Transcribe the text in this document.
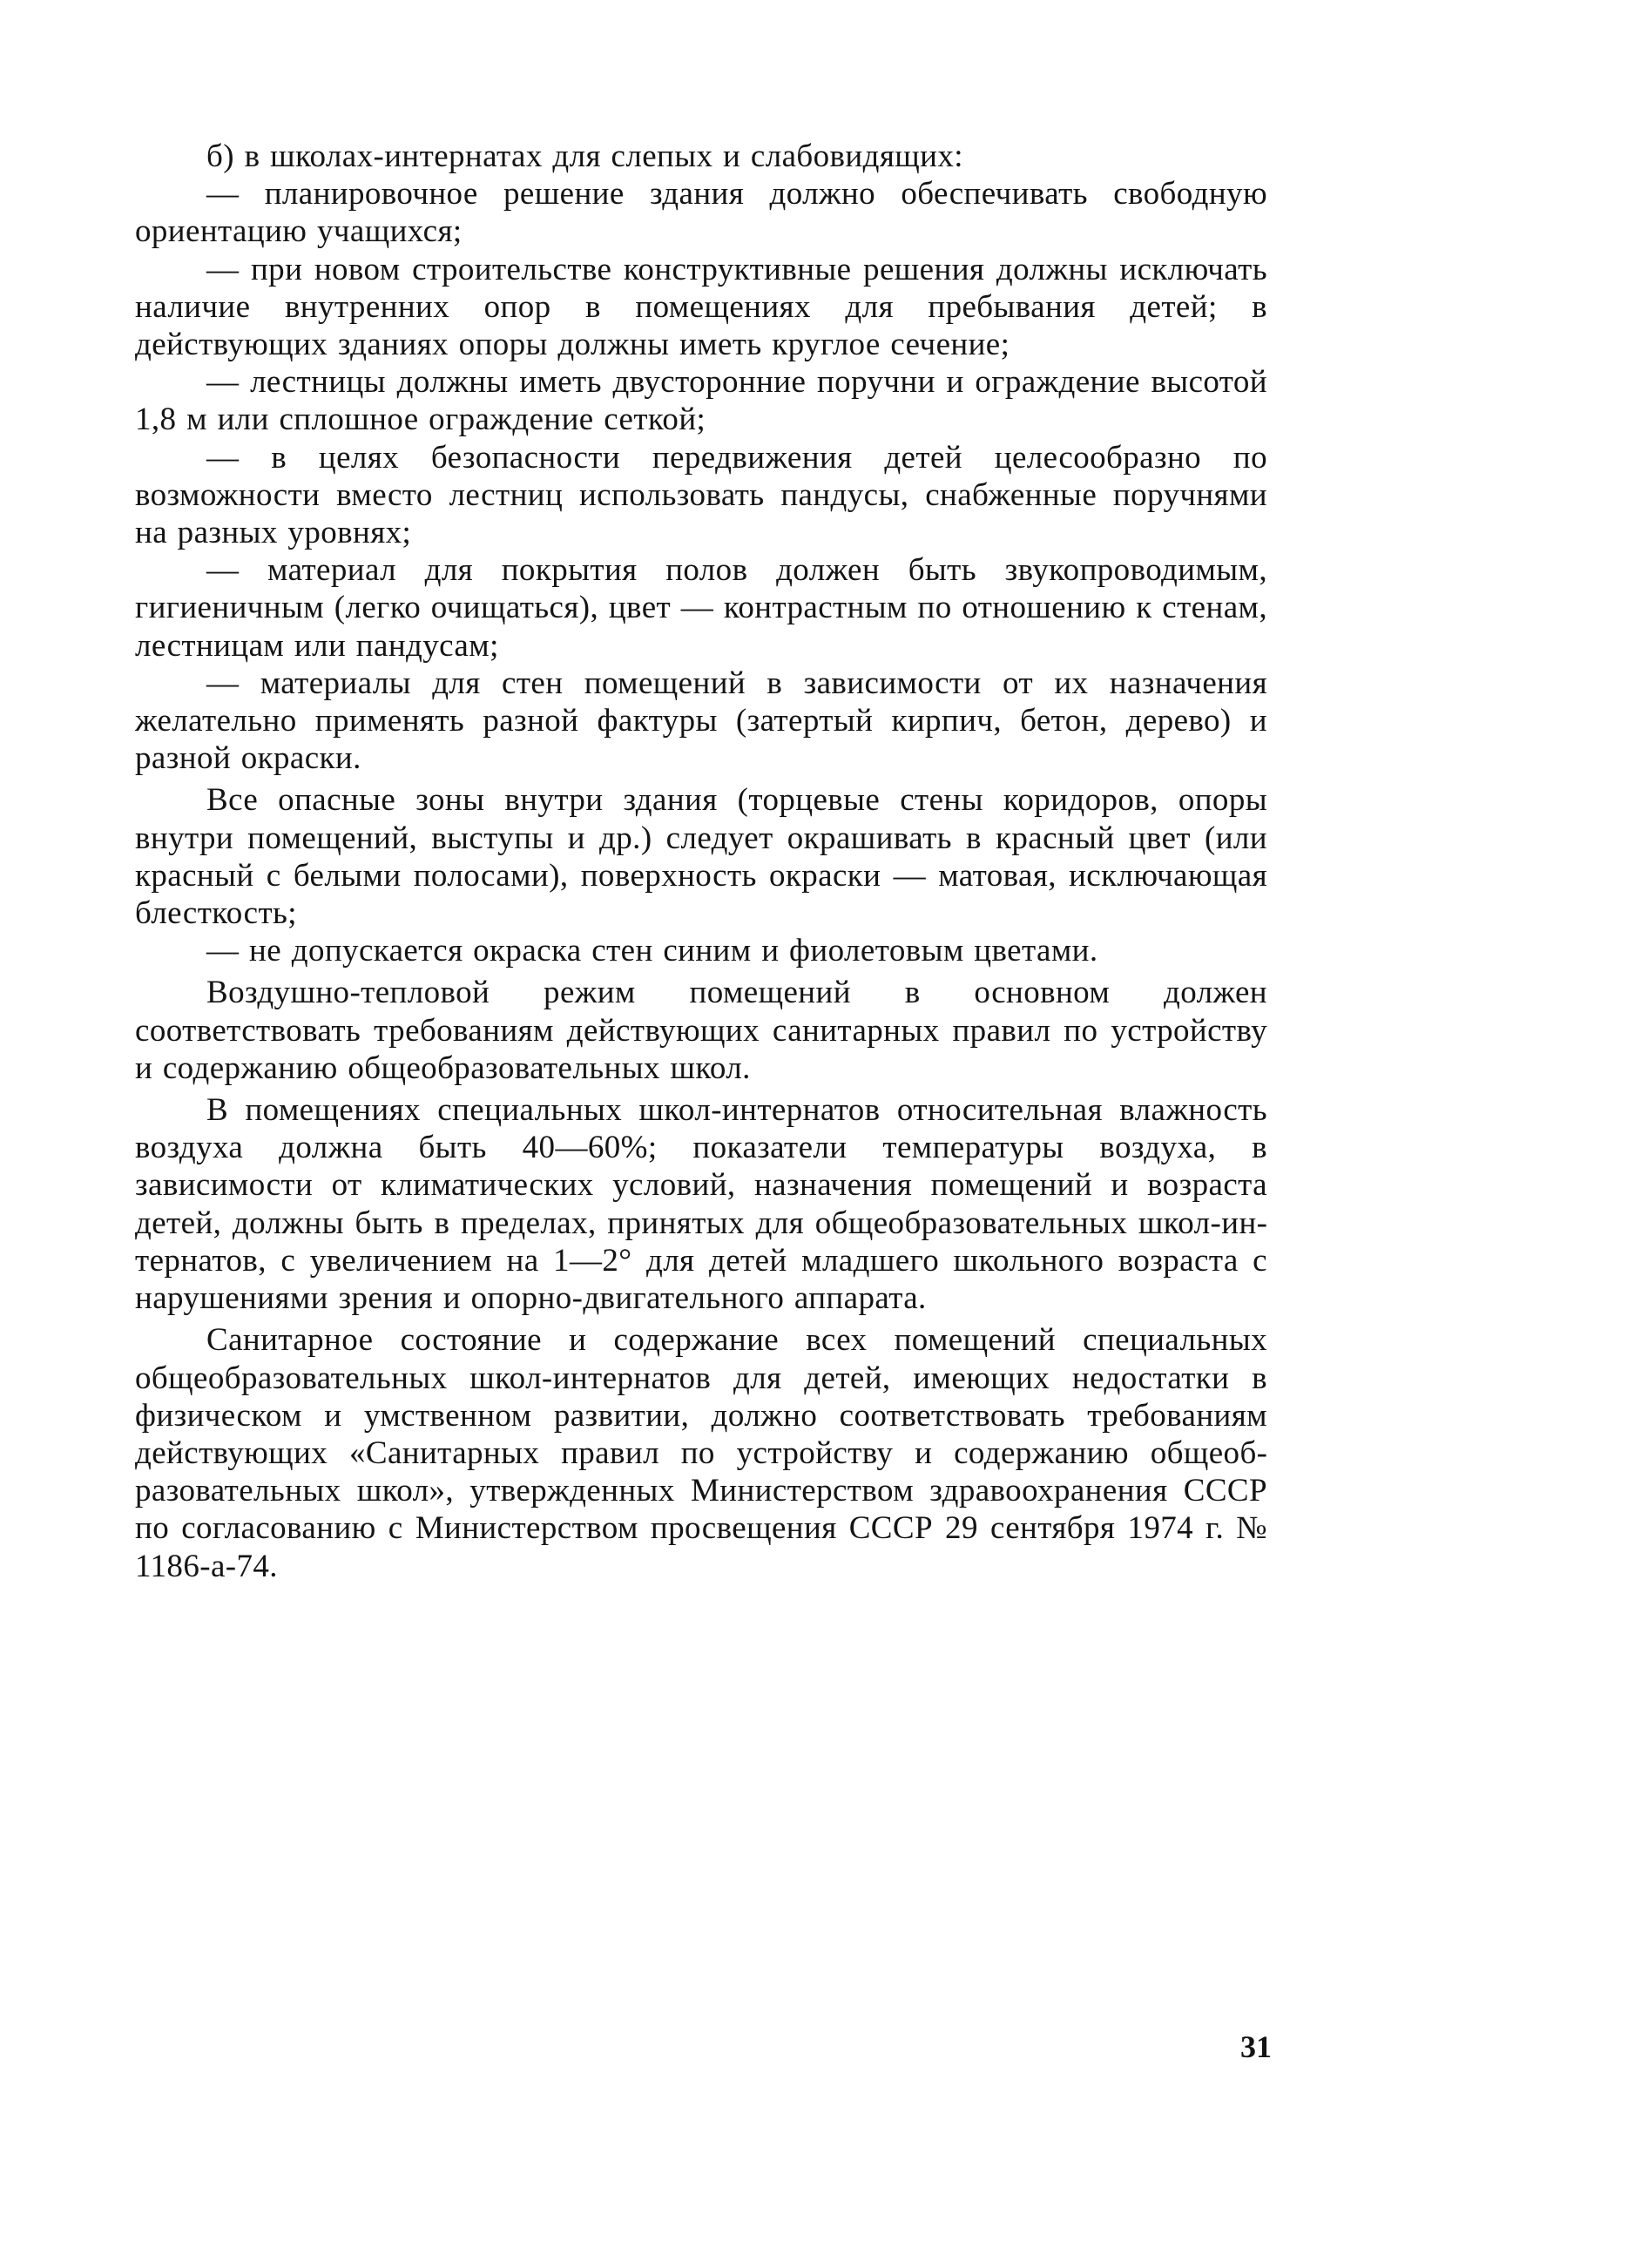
б) в школах-интернатах для слепых и слабовидящих:

— планировочное решение здания должно обеспечивать свободную ориентацию учащихся;

— при новом строительстве конструктивные решения должны исключать наличие внутренних опор в помещениях для пребывания детей; в действующих зданиях опоры должны иметь круглое сечение;

— лестницы должны иметь двусторонние поручни и ограждение высотой 1,8 м или сплошное ограждение сеткой;

— в целях безопасности передвижения детей целесообразно по возможности вместо лестниц использовать пандусы, снабженные поручнями на разных уровнях;

— материал для покрытия полов должен быть звукопроводимым, гигиеничным (легко очищаться), цвет — контрастным по отношению к стенам, лестницам или пандусам;

— материалы для стен помещений в зависимости от их назначения желательно применять разной фактуры (затертый кирпич, бетон, дерево) и разной окраски.

Все опасные зоны внутри здания (торцевые стены коридоров, опоры внутри помещений, выступы и др.) следует окрашивать в красный цвет (или красный с белыми полосами), поверхность окраски — матовая, исключающая блесткость;

— не допускается окраска стен синим и фиолетовым цветами.

Воздушно-тепловой режим помещений в основном должен соответствовать требованиям действующих санитарных правил по устройству и содержанию общеобразовательных школ.

В помещениях специальных школ-интернатов относительная влажность воздуха должна быть 40—60%; показатели температуры воздуха, в зависимости от климатических условий, назначения помещений и возраста детей, должны быть в пределах, принятых для общеобразовательных школ-интернатов, с увеличением на 1—2° для детей младшего школьного возраста с нарушениями зрения и опорно-двигательного аппарата.

Санитарное состояние и содержание всех помещений специальных общеобразовательных школ-интернатов для детей, имеющих недостатки в физическом и умственном развитии, должно соответствовать требованиям действующих «Санитарных правил по устройству и содержанию общеобразовательных школ», утвержденных Министерством здравоохранения СССР по согласованию с Министерством просвещения СССР 29 сентября 1974 г. № 1186-а-74.

31
